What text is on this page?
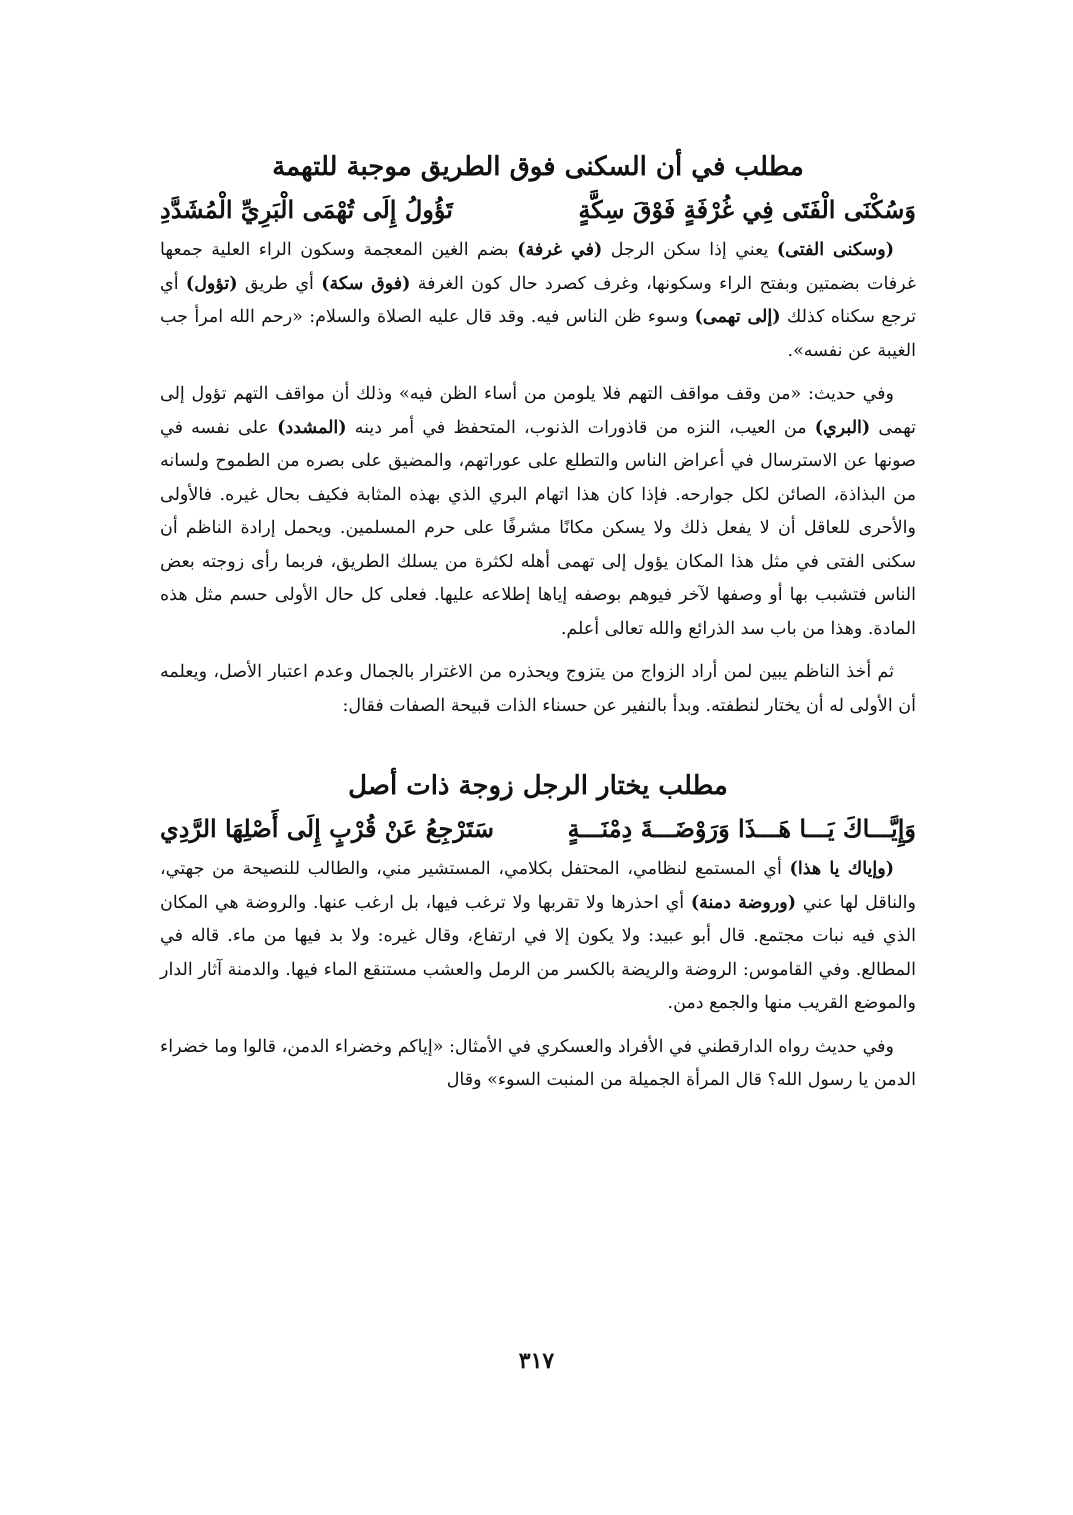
مطلب في أن السكنى فوق الطريق موجبة للتهمة
وَسُكْنَى الْفَتَى فِي غُرْفَةٍ فَوْقَ سِكَّةٍ
تَؤُولُ إِلَى تُهْمَى الْبَرِيِّ الْمُشَدَّدِ

(وسكنى الفتى) يعني إذا سكن الرجل (في غرفة) بضم الغين المعجمة وسكون الراء العلية جمعها غرفات بضمتين وبفتح الراء وسكونها، وغرف كصرد حال كون الغرفة (فوق سكة) أي طريق (تؤول) أي ترجع سكناه كذلك (إلى تهمى) وسوء ظن الناس فيه. وقد قال عليه الصلاة والسلام: «رحم الله امرأ جب الغيبة عن نفسه».

وفي حديث: «من وقف مواقف التهم فلا يلومن من أساء الظن فيه» وذلك أن مواقف التهم تؤول إلى تهمى (البري) من العيب، النزه من قاذورات الذنوب، المتحفظ في أمر دينه (المشدد) على نفسه في صونها عن الاسترسال في أعراض الناس والتطلع على عوراتهم، والمضيق على بصره من الطموح ولسانه من البذاذة، الصائن لكل جوارحه. فإذا كان هذا اتهام البري الذي بهذه المثابة فكيف بحال غيره. فالأولى والأحرى للعاقل أن لا يفعل ذلك ولا يسكن مكانًا مشرفًا على حرم المسلمين. ويحمل إرادة الناظم أن سكنى الفتى في مثل هذا المكان يؤول إلى تهمى أهله لكثرة من يسلك الطريق، فربما رأى زوجته بعض الناس فتشبب بها أو وصفها لآخر فيوهم بوصفه إياها إطلاعه عليها. فعلى كل حال الأولى حسم مثل هذه المادة. وهذا من باب سد الذرائع والله تعالى أعلم.

ثم أخذ الناظم يبين لمن أراد الزواج من يتزوج ويحذره من الاغترار بالجمال وعدم اعتبار الأصل، ويعلمه أن الأولى له أن يختار لنطفته. وبدأ بالنفير عن حسناء الذات قبيحة الصفات فقال:

مطلب يختار الرجل زوجة ذات أصل
وَإِيَّـــاكَ يَـــا هَـــذَا وَرَوْضَـــةَ دِمْنَـــةٍ
سَتَرْجِعُ عَنْ قُرْبٍ إِلَى أَصْلِهَا الرَّدِي

(وإياك يا هذا) أي المستمع لنظامي، المحتفل بكلامي، المستشير مني، والطالب للنصيحة من جهتي، والناقل لها عني (وروضة دمنة) أي احذرها ولا تقربها ولا ترغب فيها، بل ارغب عنها. والروضة هي المكان الذي فيه نبات مجتمع. قال أبو عبيد: ولا يكون إلا في ارتفاع، وقال غيره: ولا بد فيها من ماء. قاله في المطالع. وفي القاموس: الروضة والريضة بالكسر من الرمل والعشب مستنقع الماء فيها. والدمنة آثار الدار والموضع القريب منها والجمع دمن.

وفي حديث رواه الدارقطني في الأفراد والعسكري في الأمثال: «إياكم وخضراء الدمن، قالوا وما خضراء الدمن يا رسول الله؟ قال المرأة الجميلة من المنبت السوء» وقال

٣١٧
